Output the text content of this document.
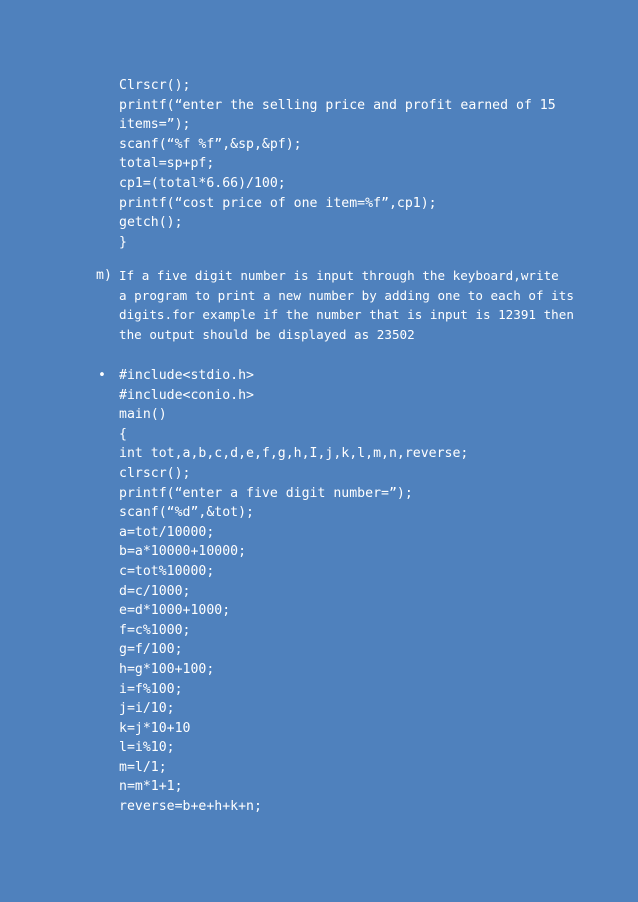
Clrscr();
printf(“enter the selling price and profit earned of 15
items=”);
scanf(“%f %f”,&sp,&pf);
total=sp+pf;
cp1=(total*6.66)/100;
printf(“cost price of one item=%f”,cp1);
getch();
}
m) If a five digit number is input through the keyboard,write
a program to print a new number by adding one to each of its
digits.for example if the number that is input is 12391 then
the output should be displayed as 23502
• #include<stdio.h>
#include<conio.h>
main()
{
int tot,a,b,c,d,e,f,g,h,I,j,k,l,m,n,reverse;
clrscr();
printf(“enter a five digit number=”);
scanf(“%d”,&tot);
a=tot/10000;
b=a*10000+10000;
c=tot%10000;
d=c/1000;
e=d*1000+1000;
f=c%1000;
g=f/100;
h=g*100+100;
i=f%100;
j=i/10;
k=j*10+10
l=i%10;
m=l/1;
n=m*1+1;
reverse=b+e+h+k+n;
